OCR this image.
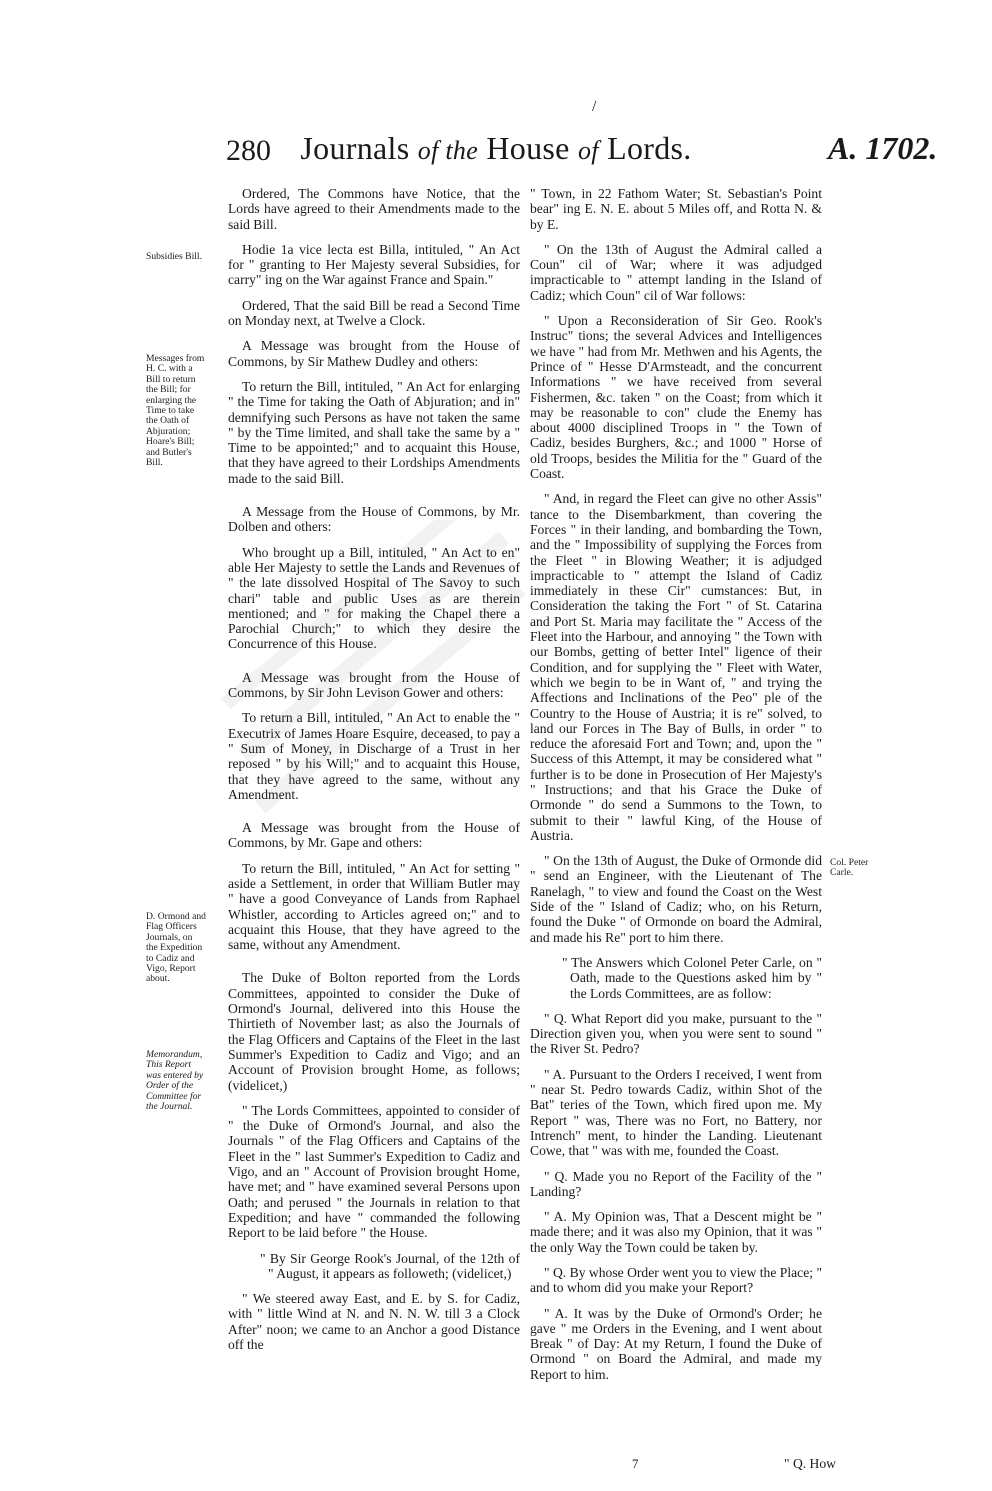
/
280 Journals of the House of Lords.	A. 1702.
Subsidies Bill.
Messages from H. C. with a Bill to return the Bill; for enlarging the Time to take the Oath of Abjuration; Hoare's Bill; and Butler's Bill.
D. Ormond and Flag Officers Journals, on the Expedition to Cadiz and Vigo, Report about.
Memorandum, This Report was entered by Order of the Committee for the Journal.
Col. Peter Carle.

Ordered, The Commons have Notice, that the Lords have agreed to their Amendments made to the said Bill.

Hodie 1a vice lecta est Billa, intituled, " An Act for " granting to Her Majesty several Subsidies, for carry" ing on the War against France and Spain."

Ordered, That the said Bill be read a Second Time on Monday next, at Twelve a Clock.

A Message was brought from the House of Commons, by Sir Mathew Dudley and others:

To return the Bill, intituled, " An Act for enlarging " the Time for taking the Oath of Abjuration; and in" demnifying such Persons as have not taken the same " by the Time limited, and shall take the same by a " Time to be appointed;" and to acquaint this House, that they have agreed to their Lordships Amendments made to the said Bill.

A Message from the House of Commons, by Mr. Dolben and others:

Who brought up a Bill, intituled, " An Act to en" able Her Majesty to settle the Lands and Revenues of " the late dissolved Hospital of The Savoy to such chari" table and public Uses as are therein mentioned; and " for making the Chapel there a Parochial Church;" to which they desire the Concurrence of this House.

A Message was brought from the House of Commons, by Sir John Levison Gower and others:

To return a Bill, intituled, " An Act to enable the " Executrix of James Hoare Esquire, deceased, to pay a " Sum of Money, in Discharge of a Trust in her reposed " by his Will;" and to acquaint this House, that they have agreed to the same, without any Amendment.

A Message was brought from the House of Commons, by Mr. Gape and others:

To return the Bill, intituled, " An Act for setting " aside a Settlement, in order that William Butler may " have a good Conveyance of Lands from Raphael Whistler, according to Articles agreed on;" and to acquaint this House, that they have agreed to the same, without any Amendment.

The Duke of Bolton reported from the Lords Committees, appointed to consider the Duke of Ormond's Journal, delivered into this House the Thirtieth of November last; as also the Journals of the Flag Officers and Captains of the Fleet in the last Summer's Expedition to Cadiz and Vigo; and an Account of Provision brought Home, as follows; (videlicet,)

" The Lords Committees, appointed to consider of " the Duke of Ormond's Journal, and also the Journals " of the Flag Officers and Captains of the Fleet in the " last Summer's Expedition to Cadiz and Vigo, and an " Account of Provision brought Home, have met; and " have examined several Persons upon Oath; and perused " the Journals in relation to that Expedition; and have " commanded the following Report to be laid before " the House.

" By Sir George Rook's Journal, of the 12th of " August, it appears as followeth; (videlicet,)

" We steered away East, and E. by S. for Cadiz, with " little Wind at N. and N. N. W. till 3 a Clock After" noon; we came to an Anchor a good Distance off the

" Town, in 22 Fathom Water; St. Sebastian's Point bear" ing E. N. E. about 5 Miles off, and Rotta N. & by E.

" On the 13th of August the Admiral called a Coun" cil of War; where it was adjudged impracticable to " attempt landing in the Island of Cadiz; which Coun" cil of War follows:

" Upon a Reconsideration of Sir Geo. Rook's Instruc" tions; the several Advices and Intelligences we have " had from Mr. Methwen and his Agents, the Prince of " Hesse D'Armsteadt, and the concurrent Informations " we have received from several Fishermen, &c. taken " on the Coast; from which it may be reasonable to con" clude the Enemy has about 4000 disciplined Troops in " the Town of Cadiz, besides Burghers, &c.; and 1000 " Horse of old Troops, besides the Militia for the " Guard of the Coast.

" And, in regard the Fleet can give no other Assis" tance to the Disembarkment, than covering the Forces " in their landing, and bombarding the Town, and the " Impossibility of supplying the Forces from the Fleet " in Blowing Weather; it is adjudged impracticable to " attempt the Island of Cadiz immediately in these Cir" cumstances: But, in Consideration the taking the Fort " of St. Catarina and Port St. Maria may facilitate the " Access of the Fleet into the Harbour, and annoying " the Town with our Bombs, getting of better Intel" ligence of their Condition, and for supplying the " Fleet with Water, which we begin to be in Want of, " and trying the Affections and Inclinations of the Peo" ple of the Country to the House of Austria; it is re" solved, to land our Forces in The Bay of Bulls, in order " to reduce the aforesaid Fort and Town; and, upon the " Success of this Attempt, it may be considered what " further is to be done in Prosecution of Her Majesty's " Instructions; and that his Grace the Duke of Ormonde " do send a Summons to the Town, to submit to their " lawful King, of the House of Austria.

" On the 13th of August, the Duke of Ormonde did " send an Engineer, with the Lieutenant of The Ranelagh, " to view and found the Coast on the West Side of the " Island of Cadiz; who, on his Return, found the Duke " of Ormonde on board the Admiral, and made his Re" port to him there.

" The Answers which Colonel Peter Carle, on " Oath, made to the Questions asked him by " the Lords Committees, are as follow:

" Q. What Report did you make, pursuant to the " Direction given you, when you were sent to sound " the River St. Pedro?

" A. Pursuant to the Orders I received, I went from " near St. Pedro towards Cadiz, within Shot of the Bat" teries of the Town, which fired upon me. My Report " was, There was no Fort, no Battery, nor Intrench" ment, to hinder the Landing. Lieutenant Cowe, that " was with me, founded the Coast.

" Q. Made you no Report of the Facility of the " Landing?

" A. My Opinion was, That a Descent might be " made there; and it was also my Opinion, that it was " the only Way the Town could be taken by.

" Q. By whose Order went you to view the Place; " and to whom did you make your Report?

" A. It was by the Duke of Ormond's Order; he gave " me Orders in the Evening, and I went about Break " of Day: At my Return, I found the Duke of Ormond " on Board the Admiral, and made my Report to him.

7	" Q. How
